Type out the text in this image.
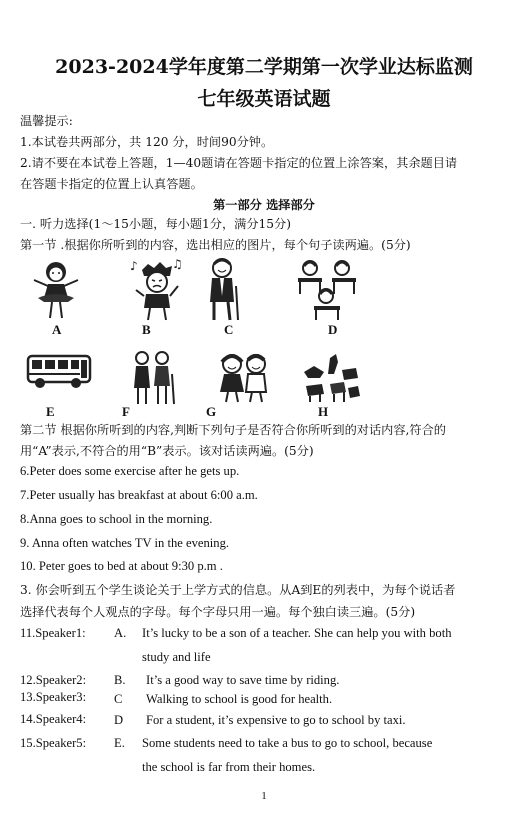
2023-2024学年度第二学期第一次学业达标监测
七年级英语试题
温馨提示:
1.本试卷共两部分，共 120 分，时间90分钟。
2.请不要在本试卷上答题，1—40题请在答题卡指定的位置上涂答案，其余题目请
在答题卡指定的位置上认真答题。
第一部分 选择部分
一. 听力选择(1～15小题，每小题1分，满分15分)
第一节 .根据你所听到的内容，选出相应的图片，每个句子读两遍。(5分)
♪	♫
A	B	C	D
E	F	G	H
第二节 根据你所听到的内容,判断下列句子是否符合你所听到的对话内容,符合的
用“A”表示,不符合的用“B”表示。该对话读两遍。(5分)
6.Peter does some exercise after he gets up.
7.Peter usually has breakfast at about 6:00 a.m.
8.Anna goes to school in the morning.
9. Anna often watches TV in the evening.
10. Peter goes to bed at about 9:30 p.m .
3. 你会听到五个学生谈论关于上学方式的信息。从A到E的列表中，为每个说话者
选择代表每个人观点的字母。每个字母只用一遍。每个独白读三遍。(5分)
11.Speaker1: A. It’s lucky to be a son of a teacher. She can help you with both
study and life
12.Speaker2: B. It’s a good way to save time by riding.
13.Speaker3: C Walking to school is good for health.
14.Speaker4: D For a student, it’s expensive to go to school by taxi.
15.Speaker5: E. Some students need to take a bus to go to school, because
the school is far from their homes.
1
